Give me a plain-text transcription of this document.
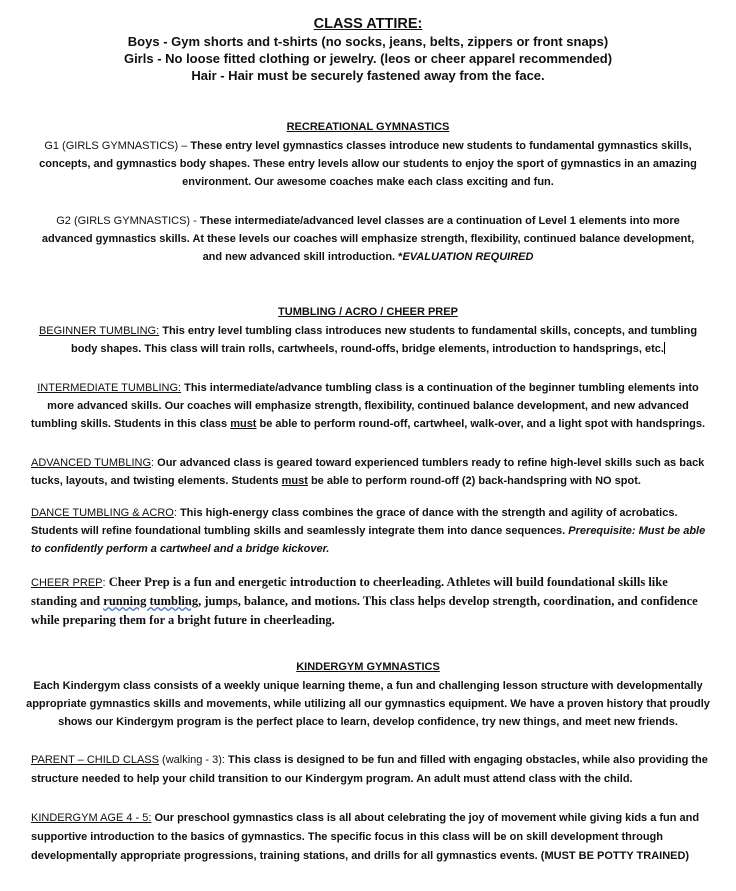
CLASS ATTIRE:
Boys - Gym shorts and t-shirts (no socks, jeans, belts, zippers or front snaps)
Girls - No loose fitted clothing or jewelry. (leos or cheer apparel recommended)
Hair - Hair must be securely fastened away from the face.
RECREATIONAL GYMNASTICS
G1 (GIRLS GYMNASTICS) – These entry level gymnastics classes introduce new students to fundamental gymnastics skills, concepts, and gymnastics body shapes. These entry levels allow our students to enjoy the sport of gymnastics in an amazing environment. Our awesome coaches make each class exciting and fun.
G2 (GIRLS GYMNASTICS) - These intermediate/advanced level classes are a continuation of Level 1 elements into more advanced gymnastics skills. At these levels our coaches will emphasize strength, flexibility, continued balance development, and new advanced skill introduction. *EVALUATION REQUIRED
TUMBLING / ACRO / CHEER PREP
BEGINNER TUMBLING: This entry level tumbling class introduces new students to fundamental skills, concepts, and tumbling body shapes. This class will train rolls, cartwheels, round-offs, bridge elements, introduction to handsprings, etc.
INTERMEDIATE TUMBLING: This intermediate/advance tumbling class is a continuation of the beginner tumbling elements into more advanced skills. Our coaches will emphasize strength, flexibility, continued balance development, and new advanced tumbling skills. Students in this class must be able to perform round-off, cartwheel, walk-over, and a light spot with handsprings.
ADVANCED TUMBLING: Our advanced class is geared toward experienced tumblers ready to refine high-level skills such as back tucks, layouts, and twisting elements. Students must be able to perform round-off (2) back-handspring with NO spot.
DANCE TUMBLING & ACRO: This high-energy class combines the grace of dance with the strength and agility of acrobatics. Students will refine foundational tumbling skills and seamlessly integrate them into dance sequences. Prerequisite: Must be able to confidently perform a cartwheel and a bridge kickover.
CHEER PREP: Cheer Prep is a fun and energetic introduction to cheerleading. Athletes will build foundational skills like standing and running tumbling, jumps, balance, and motions. This class helps develop strength, coordination, and confidence while preparing them for a bright future in cheerleading.
KINDERGYM GYMNASTICS
Each Kindergym class consists of a weekly unique learning theme, a fun and challenging lesson structure with developmentally appropriate gymnastics skills and movements, while utilizing all our gymnastics equipment. We have a proven history that proudly shows our Kindergym program is the perfect place to learn, develop confidence, try new things, and meet new friends.
PARENT – CHILD CLASS (walking - 3): This class is designed to be fun and filled with engaging obstacles, while also providing the structure needed to help your child transition to our Kindergym program. An adult must attend class with the child.
KINDERGYM AGE 4 - 5: Our preschool gymnastics class is all about celebrating the joy of movement while giving kids a fun and supportive introduction to the basics of gymnastics. The specific focus in this class will be on skill development through developmentally appropriate progressions, training stations, and drills for all gymnastics events. (MUST BE POTTY TRAINED)
